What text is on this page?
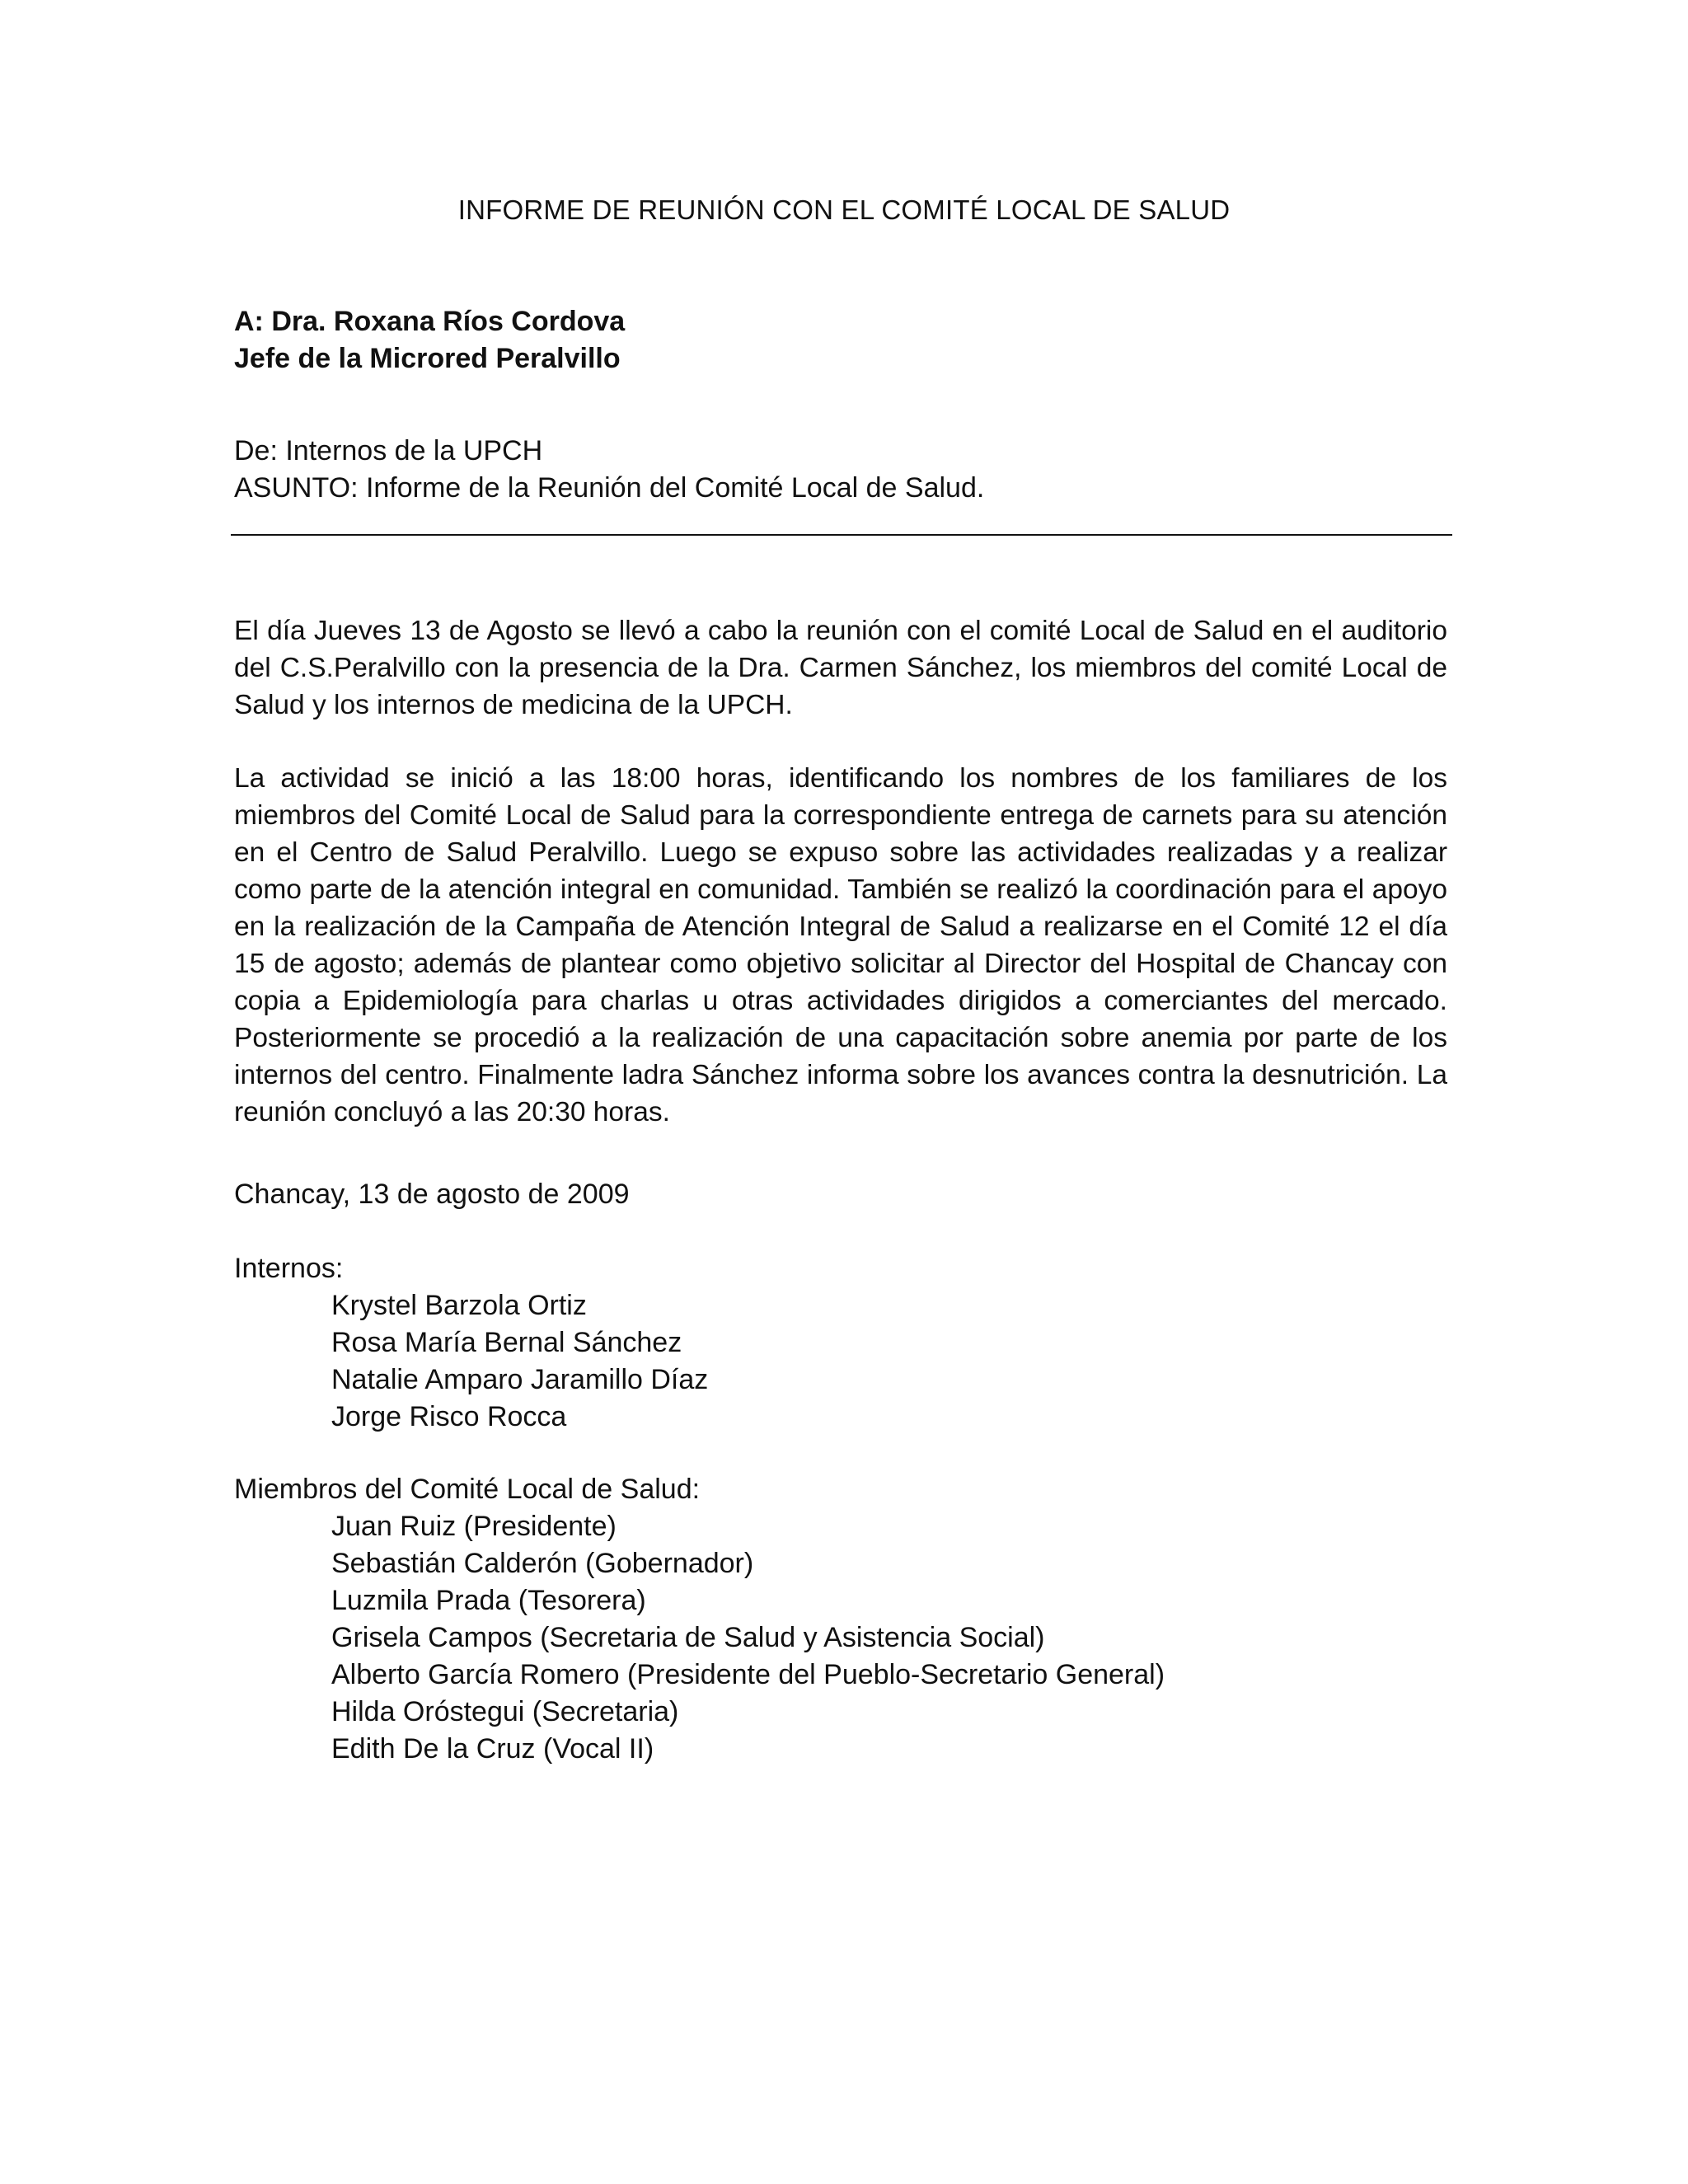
INFORME DE REUNIÓN CON EL COMITÉ LOCAL DE SALUD
A: Dra. Roxana Ríos Cordova
Jefe de la Microred Peralvillo
De: Internos de la UPCH
ASUNTO: Informe de la Reunión del Comité Local de Salud.

El día Jueves 13 de Agosto se llevó a cabo la reunión con el comité Local de Salud en el auditorio del C.S.Peralvillo con la presencia de la Dra. Carmen Sánchez, los miembros del comité Local de Salud y los internos de medicina de la UPCH.

La actividad se inició a las 18:00 horas, identificando los nombres de los familiares de los miembros del Comité Local de Salud para la correspondiente entrega de carnets para su atención en el Centro de Salud Peralvillo. Luego se expuso sobre las actividades realizadas y a realizar como parte de la atención integral en comunidad. También se realizó la coordinación para el apoyo en la realización de la Campaña de Atención Integral de Salud a realizarse en el Comité 12 el día 15 de agosto; además de plantear como objetivo solicitar al Director del Hospital de Chancay con copia a Epidemiología para charlas u otras actividades dirigidos a comerciantes del mercado. Posteriormente se procedió a la realización de una capacitación sobre anemia por parte de los internos del centro. Finalmente ladra Sánchez informa sobre los avances contra la desnutrición. La reunión concluyó a las 20:30 horas.

Chancay, 13 de agosto de 2009
Internos:
Krystel Barzola Ortiz
Rosa María Bernal Sánchez
Natalie Amparo Jaramillo Díaz
Jorge Risco Rocca
Miembros del Comité Local de Salud:
Juan Ruiz (Presidente)
Sebastián Calderón (Gobernador)
Luzmila Prada (Tesorera)
Grisela Campos (Secretaria de Salud y Asistencia Social)
Alberto García Romero (Presidente del Pueblo-Secretario General)
Hilda Oróstegui (Secretaria)
Edith De la Cruz (Vocal II)
